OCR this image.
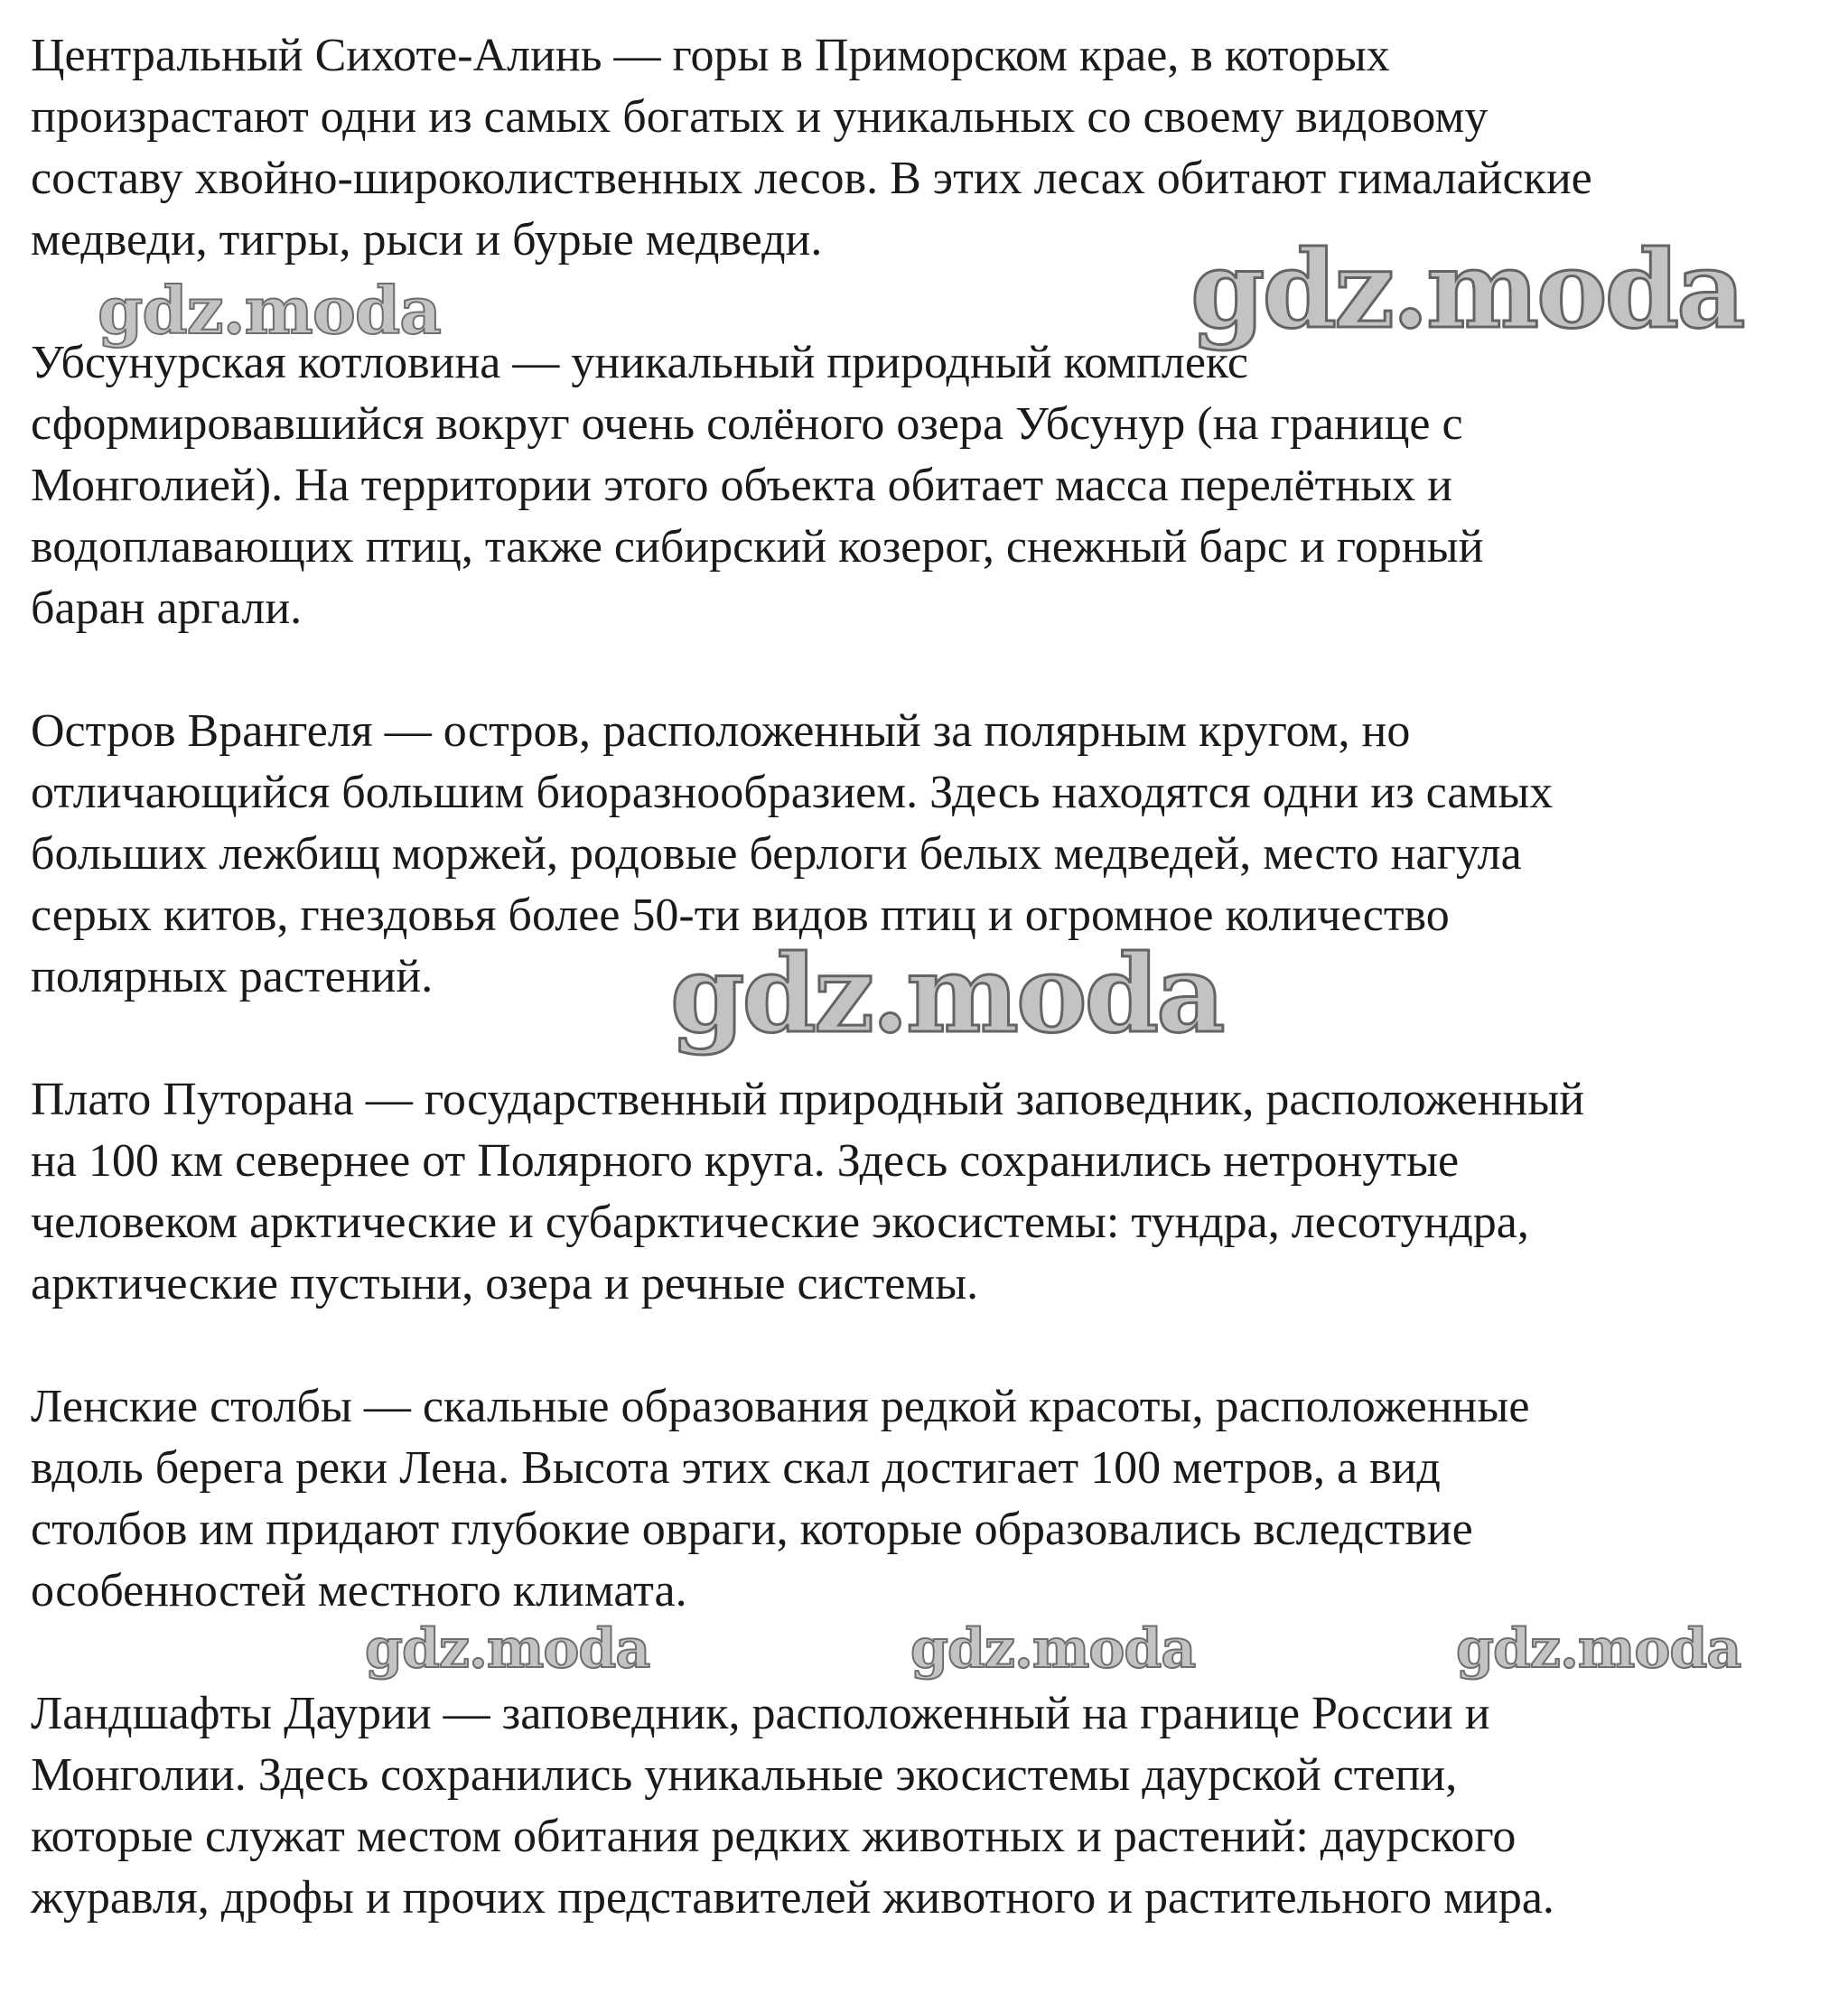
Центральный Сихоте-Алинь — горы в Приморском крае, в которых
произрастают одни из самых богатых и уникальных со своему видовому
составу хвойно-широколиственных лесов. В этих лесах обитают гималайские
медведи, тигры, рыси и бурые медведи.
Убсунурская котловина — уникальный природный комплекс
сформировавшийся вокруг очень солёного озера Убсунур (на границе с
Монголией). На территории этого объекта обитает масса перелётных и
водоплавающих птиц, также сибирский козерог, снежный барс и горный
баран аргали.
Остров Врангеля — остров, расположенный за полярным кругом, но
отличающийся большим биоразнообразием. Здесь находятся одни из самых
больших лежбищ моржей, родовые берлоги белых медведей, место нагула
серых китов, гнездовья более 50-ти видов птиц и огромное количество
полярных растений.
Плато Путорана — государственный природный заповедник, расположенный
на 100 км севернее от Полярного круга. Здесь сохранились нетронутые
человеком арктические и субарктические экосистемы: тундра, лесотундра,
арктические пустыни, озера и речные системы.
Ленские столбы — скальные образования редкой красоты, расположенные
вдоль берега реки Лена. Высота этих скал достигает 100 метров, а вид
столбов им придают глубокие овраги, которые образовались вследствие
особенностей местного климата.
Ландшафты Даурии — заповедник, расположенный на границе России и
Монголии. Здесь сохранились уникальные экосистемы даурской степи,
которые служат местом обитания редких животных и растений: даурского
журавля, дрофы и прочих представителей животного и растительного мира.
gdz.moda	gdz.moda
gdz.moda
gdz.moda	gdz.moda	gdz.moda
